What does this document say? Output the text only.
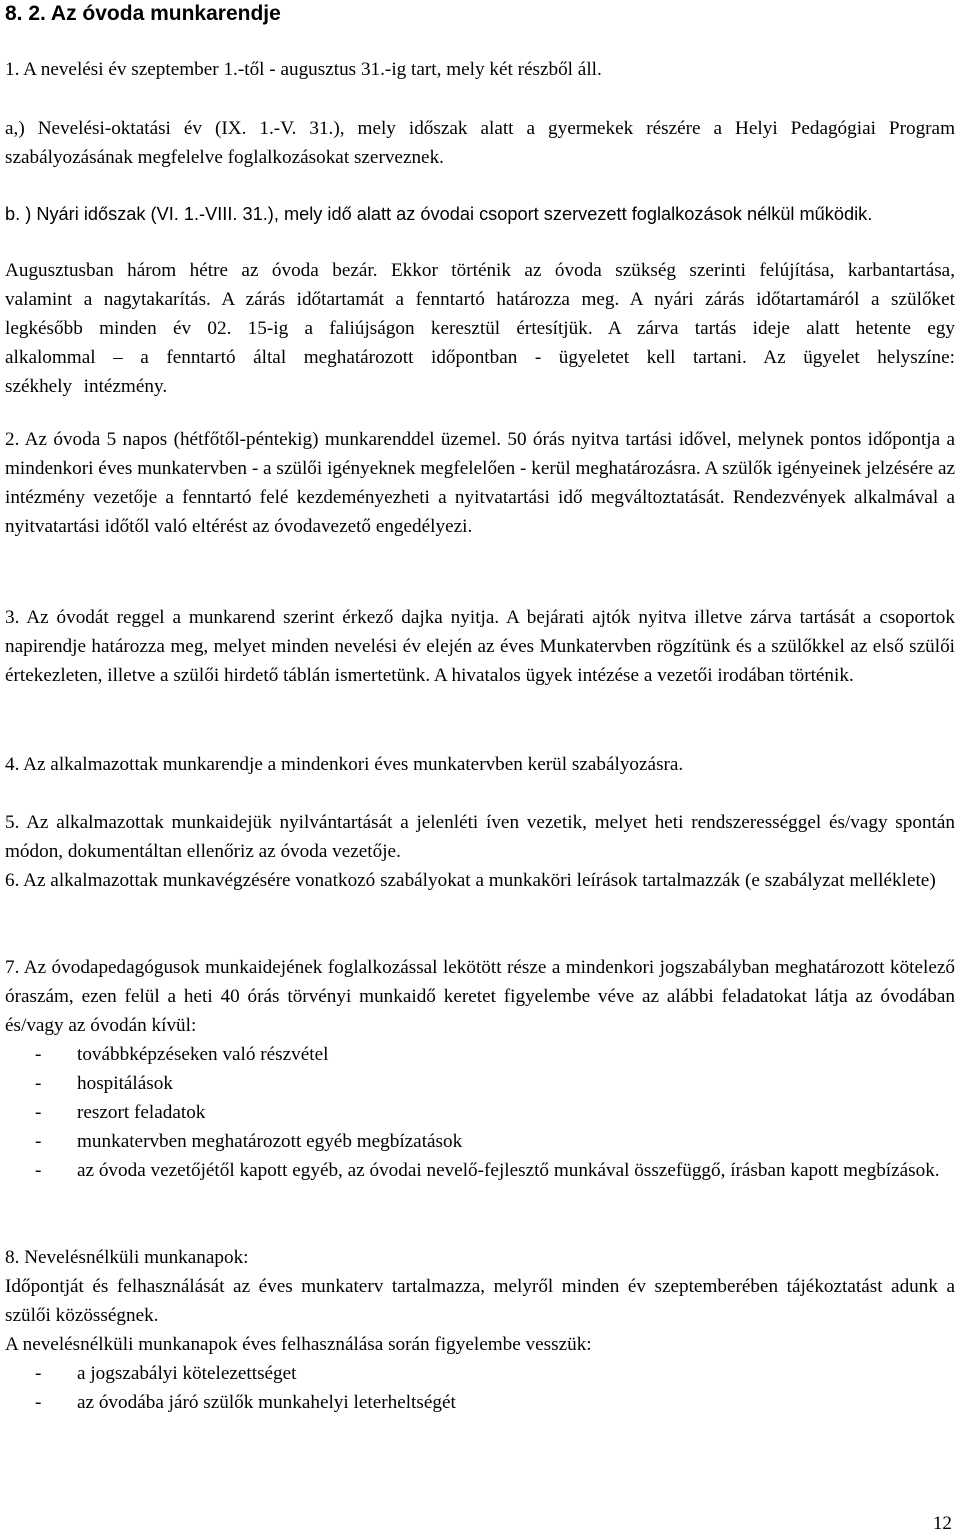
8. 2. Az óvoda munkarendje
1. A nevelési év szeptember 1.-től - augusztus 31.-ig tart, mely két részből áll.
a,) Nevelési-oktatási év (IX. 1.-V. 31.), mely időszak alatt a gyermekek részére a Helyi Pedagógiai Program szabályozásának megfelelve foglalkozásokat szerveznek.
b. ) Nyári időszak (VI. 1.-VIII. 31.), mely idő alatt az óvodai csoport szervezett foglalkozások nélkül működik.
Augusztusban három hétre az óvoda bezár. Ekkor történik az óvoda szükség szerinti felújítása, karbantartása, valamint a nagytakarítás. A zárás időtartamát a fenntartó határozza meg. A nyári zárás időtartamáról a szülőket legkésőbb minden év 02. 15-ig a faliújságon keresztül értesítjük. A zárva tartás ideje alatt hetente egy alkalommal – a fenntartó által meghatározott időpontban - ügyeletet kell tartani. Az ügyelet helyszíne: székhely intézmény.
2. Az óvoda 5 napos (hétfőtől-péntekig) munkarenddel üzemel. 50 órás nyitva tartási idővel, melynek pontos időpontja a mindenkori éves munkatervben - a szülői igényeknek megfelelően - kerül meghatározásra. A szülők igényeinek jelzésére az intézmény vezetője a fenntartó felé kezdeményezheti a nyitvatartási idő megváltoztatását. Rendezvények alkalmával a nyitvatartási időtől való eltérést az óvodavezető engedélyezi.
3. Az óvodát reggel a munkarend szerint érkező dajka nyitja. A bejárati ajtók nyitva illetve zárva tartását a csoportok napirendje határozza meg, melyet minden nevelési év elején az éves Munkatervben rögzítünk és a szülőkkel az első szülői értekezleten, illetve a szülői hirdető táblán ismertetünk. A hivatalos ügyek intézése a vezetői irodában történik.
4. Az alkalmazottak munkarendje a mindenkori éves munkatervben kerül szabályozásra.
5. Az alkalmazottak munkaidejük nyilvántartását a jelenléti íven vezetik, melyet heti rendszerességgel és/vagy spontán módon, dokumentáltan ellenőriz az óvoda vezetője.
6. Az alkalmazottak munkavégzésére vonatkozó szabályokat a munkaköri leírások tartalmazzák (e szabályzat melléklete)
7. Az óvodapedagógusok munkaidejének foglalkozással lekötött része a mindenkori jogszabályban meghatározott kötelező óraszám, ezen felül a heti 40 órás törvényi munkaidő keretet figyelembe véve az alábbi feladatokat látja az óvodában és/vagy az óvodán kívül:
- továbbképzéseken való részvétel
- hospitálások
- reszort feladatok
- munkatervben meghatározott egyéb megbízatások
- az óvoda vezetőjétől kapott egyéb, az óvodai nevelő-fejlesztő munkával összefüggő, írásban kapott megbízások.
8. Nevelésnélküli munkanapok:
Időpontját és felhasználását az éves munkaterv tartalmazza, melyről minden év szeptemberében tájékoztatást adunk a szülői közösségnek.
A nevelésnélküli munkanapok éves felhasználása során figyelembe vesszük:
- a jogszabályi kötelezettséget
- az óvodába járó szülők munkahelyi leterheltségét
12
